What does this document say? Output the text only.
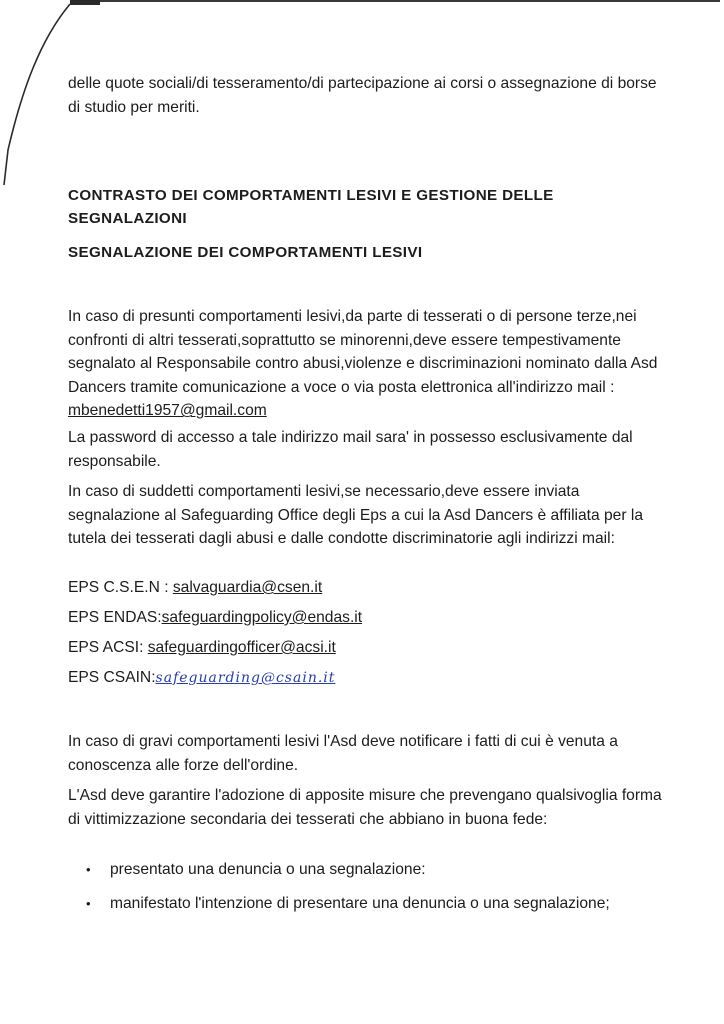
delle quote sociali/di tesseramento/di partecipazione ai corsi o assegnazione di borse di studio per meriti.

CONTRASTO DEI COMPORTAMENTI LESIVI E GESTIONE DELLE SEGNALAZIONI

SEGNALAZIONE DEI COMPORTAMENTI LESIVI

In caso di presunti comportamenti lesivi,da parte di tesserati o di persone terze,nei confronti di altri tesserati,soprattutto se minorenni,deve essere tempestivamente segnalato al Responsabile contro abusi,violenze e discriminazioni nominato dalla Asd Dancers tramite comunicazione a voce o via posta elettronica all'indirizzo mail : mbenedetti1957@gmail.com

La password di accesso a tale indirizzo mail sara' in possesso esclusivamente dal responsabile.

In caso di suddetti comportamenti lesivi,se necessario,deve essere inviata segnalazione al Safeguarding Office degli Eps a cui la Asd Dancers è affiliata per la tutela dei tesserati dagli abusi e dalle condotte discriminatorie agli indirizzi mail:

EPS C.S.E.N : salvaguardia@csen.it
EPS ENDAS:safeguardingpolicy@endas.it
EPS ACSI: safeguardingofficer@acsi.it
EPS CSAIN:safeguarding@csain.it

In caso di gravi comportamenti lesivi l'Asd deve notificare i fatti di cui è venuta a conoscenza alle forze dell'ordine.

L'Asd deve garantire l'adozione di apposite misure che prevengano qualsivoglia forma di vittimizzazione secondaria dei tesserati che abbiano in buona fede:

• presentato una denuncia o una segnalazione:
• manifestato l'intenzione di presentare una denuncia o una segnalazione;
